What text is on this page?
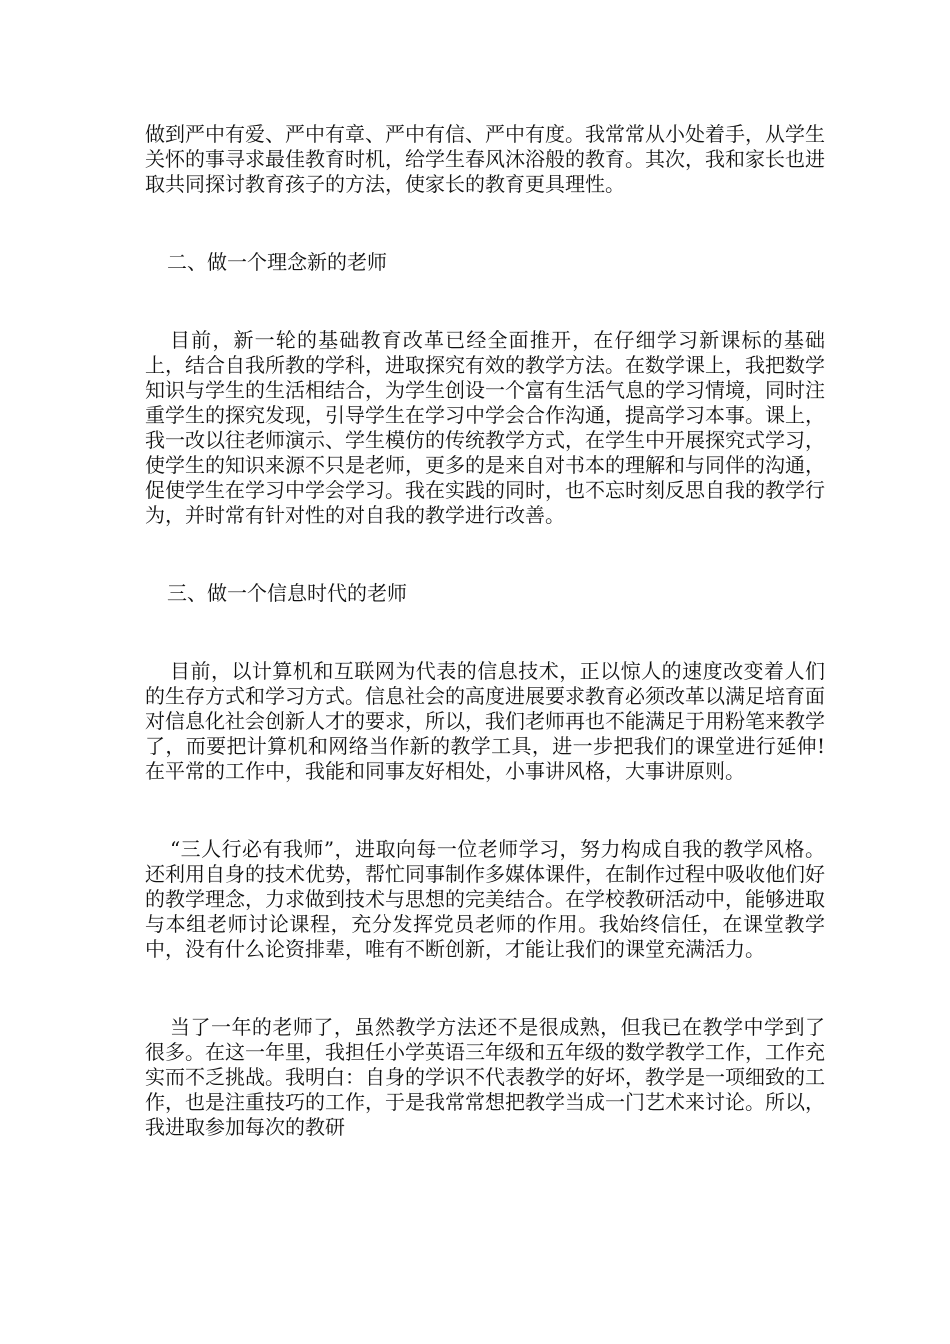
做到严中有爱、严中有章、严中有信、严中有度。我常常从小处着手，从学生关怀的事寻求最佳教育时机，给学生春风沐浴般的教育。其次，我和家长也进取共同探讨教育孩子的方法，使家长的教育更具理性。

二、做一个理念新的老师

目前，新一轮的基础教育改革已经全面推开，在仔细学习新课标的基础上，结合自我所教的学科，进取探究有效的教学方法。在数学课上，我把数学知识与学生的生活相结合，为学生创设一个富有生活气息的学习情境，同时注重学生的探究发现，引导学生在学习中学会合作沟通，提高学习本事。课上，我一改以往老师演示、学生模仿的传统教学方式，在学生中开展探究式学习，使学生的知识来源不只是老师，更多的是来自对书本的理解和与同伴的沟通，促使学生在学习中学会学习。我在实践的同时，也不忘时刻反思自我的教学行为，并时常有针对性的对自我的教学进行改善。

三、做一个信息时代的老师

目前，以计算机和互联网为代表的信息技术，正以惊人的速度改变着人们的生存方式和学习方式。信息社会的高度进展要求教育必须改革以满足培育面对信息化社会创新人才的要求，所以，我们老师再也不能满足于用粉笔来教学了，而要把计算机和网络当作新的教学工具，进一步把我们的课堂进行延伸!在平常的工作中，我能和同事友好相处，小事讲风格，大事讲原则。

“三人行必有我师”，进取向每一位老师学习，努力构成自我的教学风格。还利用自身的技术优势，帮忙同事制作多媒体课件，在制作过程中吸收他们好的教学理念，力求做到技术与思想的完美结合。在学校教研活动中，能够进取与本组老师讨论课程，充分发挥党员老师的作用。我始终信任，在课堂教学中，没有什么论资排辈，唯有不断创新，才能让我们的课堂充满活力。

当了一年的老师了，虽然教学方法还不是很成熟，但我已在教学中学到了很多。在这一年里，我担任小学英语三年级和五年级的数学教学工作，工作充实而不乏挑战。我明白：自身的学识不代表教学的好坏，教学是一项细致的工作，也是注重技巧的工作，于是我常常想把教学当成一门艺术来讨论。所以，我进取参加每次的教研
